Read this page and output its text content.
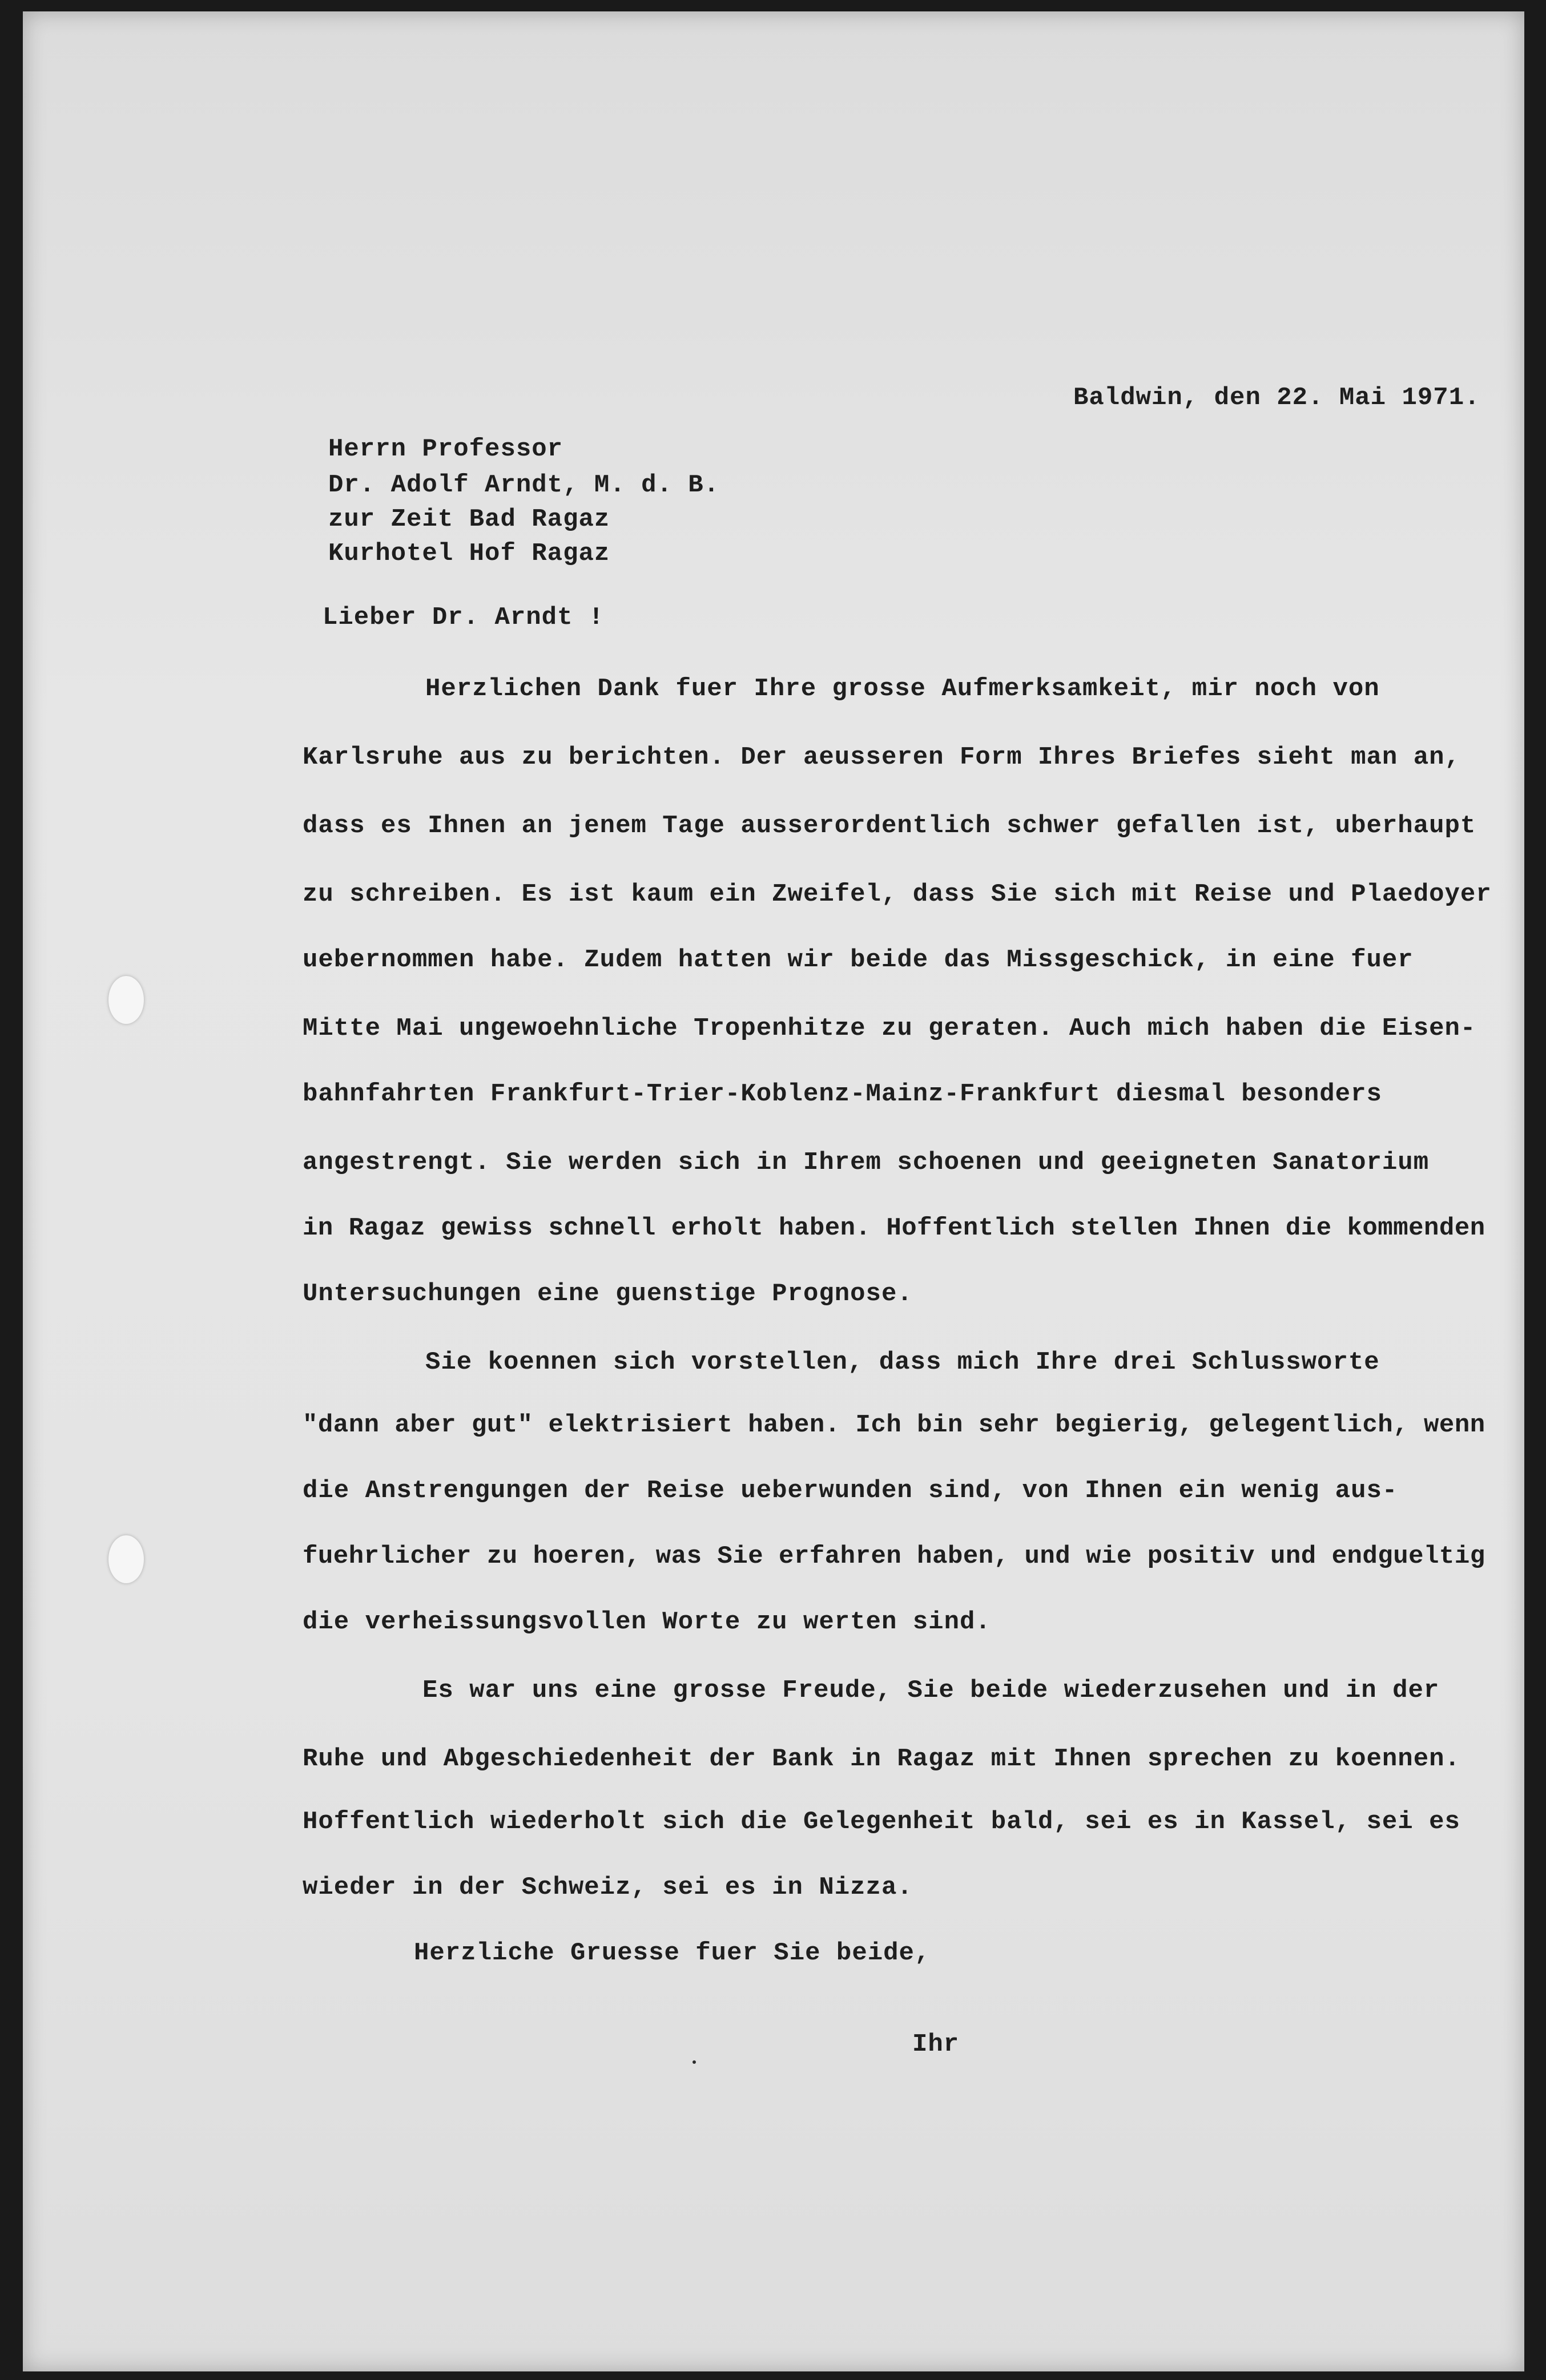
Baldwin, den 22. Mai 1971.

Herrn Professor

Dr. Adolf Arndt, M. d. B.

zur Zeit Bad Ragaz

Kurhotel Hof Ragaz

Lieber Dr. Arndt !

Herzlichen Dank fuer Ihre grosse Aufmerksamkeit, mir noch von

Karlsruhe aus zu berichten. Der aeusseren Form Ihres Briefes sieht man an,

dass es Ihnen an jenem Tage ausserordentlich schwer gefallen ist, uberhaupt

zu schreiben. Es ist kaum ein Zweifel, dass Sie sich mit Reise und Plaedoyer

uebernommen habe. Zudem hatten wir beide das Missgeschick, in eine fuer

Mitte Mai ungewoehnliche Tropenhitze zu geraten. Auch mich haben die Eisen-

bahnfahrten Frankfurt-Trier-Koblenz-Mainz-Frankfurt diesmal besonders

angestrengt. Sie werden sich in Ihrem schoenen und geeigneten Sanatorium

in Ragaz gewiss schnell erholt haben. Hoffentlich stellen Ihnen die kommenden

Untersuchungen eine guenstige Prognose.

Sie koennen sich vorstellen, dass mich Ihre drei Schlussworte

"dann aber gut" elektrisiert haben. Ich bin sehr begierig, gelegentlich, wenn

die Anstrengungen der Reise ueberwunden sind, von Ihnen ein wenig aus-

fuehrlicher zu hoeren, was Sie erfahren haben, und wie positiv und endgueltig

die verheissungsvollen Worte zu werten sind.

Es war uns eine grosse Freude, Sie beide wiederzusehen und in der

Ruhe und Abgeschiedenheit der Bank in Ragaz mit Ihnen sprechen zu koennen.

Hoffentlich wiederholt sich die Gelegenheit bald, sei es in Kassel, sei es

wieder in der Schweiz, sei es in Nizza.

Herzliche Gruesse fuer Sie beide,

Ihr
